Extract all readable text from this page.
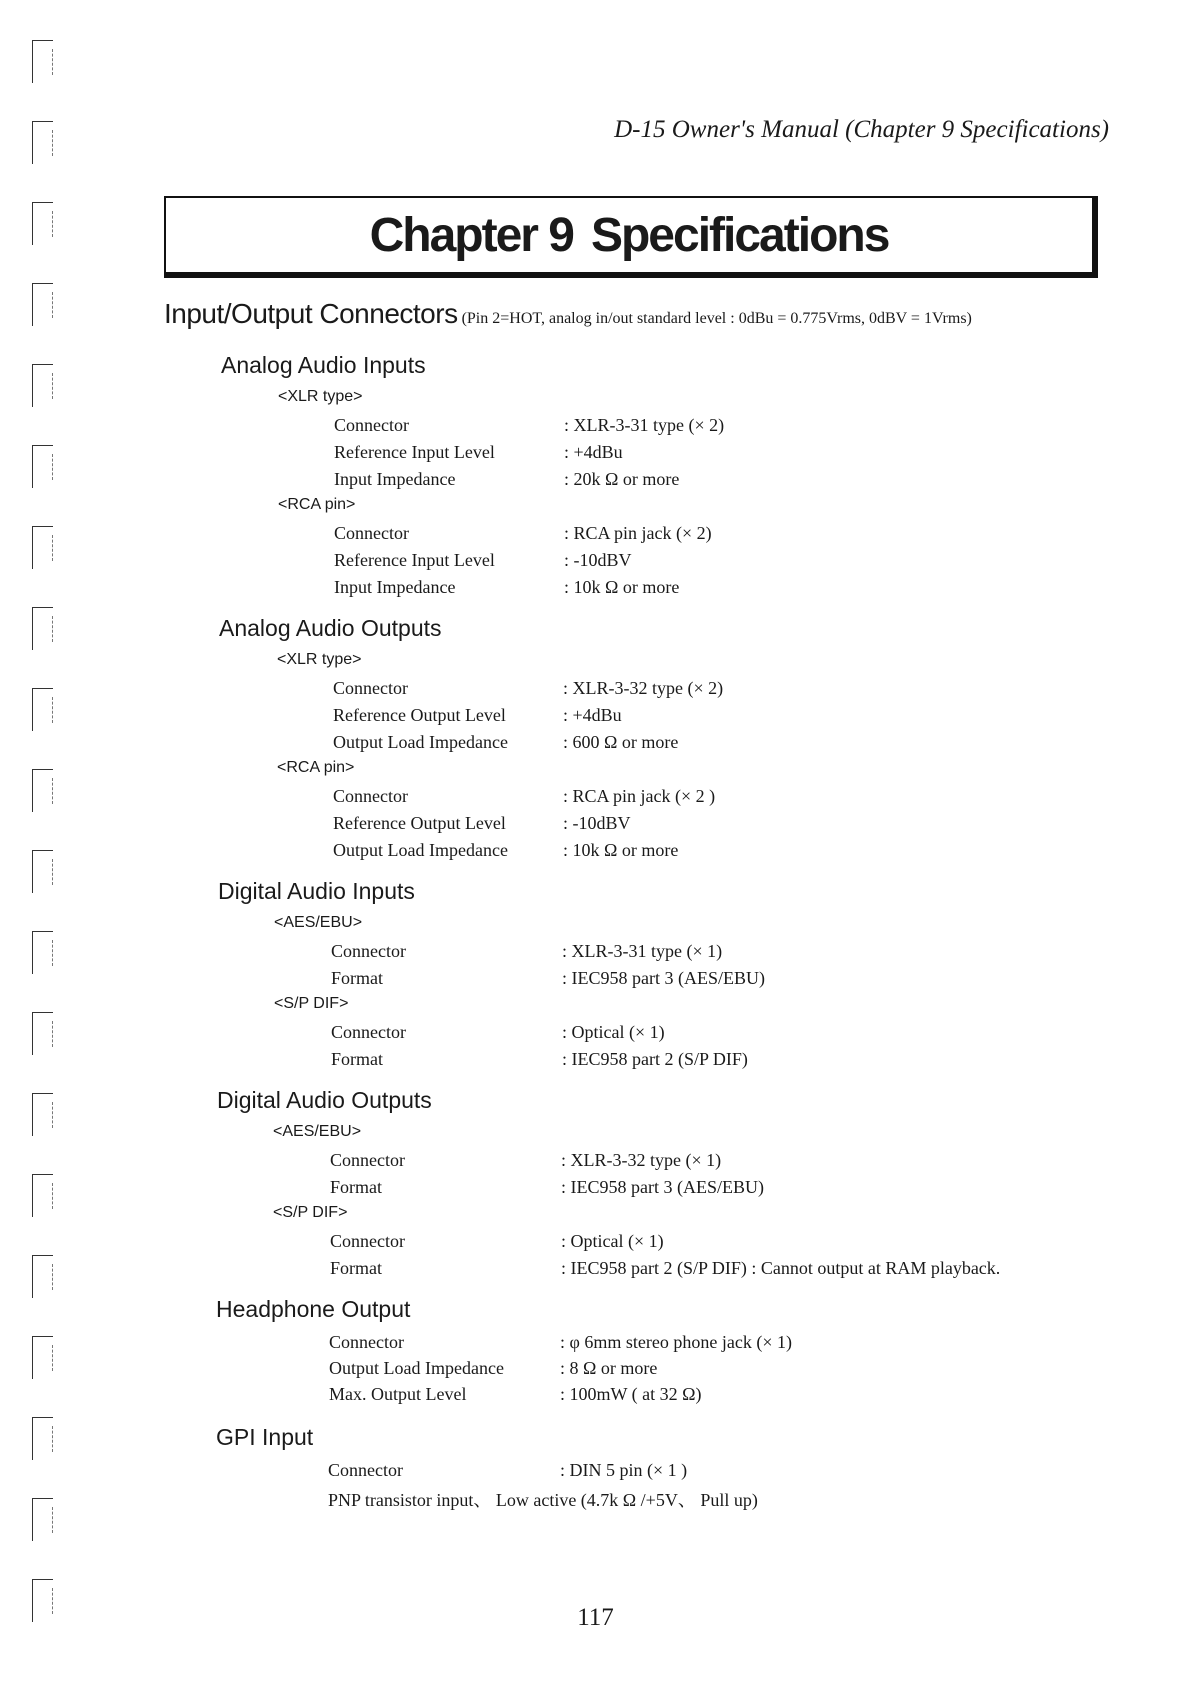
D-15 Owner's Manual (Chapter 9 Specifications)
Chapter 9 Specifications
Input/Output Connectors (Pin 2=HOT, analog in/out standard level : 0dBu = 0.775Vrms, 0dBV = 1Vrms)
Analog Audio Inputs
<XLR type>
Connector	: XLR-3-31 type (× 2)
Reference Input Level	: +4dBu
Input Impedance	: 20k Ω or more
<RCA pin>
Connector	: RCA pin jack (× 2)
Reference Input Level	: -10dBV
Input Impedance	: 10k Ω or more
Analog Audio Outputs
<XLR type>
Connector	: XLR-3-32 type (× 2)
Reference Output Level	: +4dBu
Output Load Impedance	: 600 Ω or more
<RCA pin>
Connector	: RCA pin jack (× 2 )
Reference Output Level	: -10dBV
Output Load Impedance	: 10k Ω or more
Digital Audio Inputs
<AES/EBU>
Connector	: XLR-3-31 type (× 1)
Format	: IEC958 part 3 (AES/EBU)
<S/P DIF>
Connector	: Optical (× 1)
Format	: IEC958 part 2 (S/P DIF)
Digital Audio Outputs
<AES/EBU>
Connector	: XLR-3-32 type (× 1)
Format	: IEC958 part 3 (AES/EBU)
<S/P DIF>
Connector	: Optical (× 1)
Format	: IEC958 part 2 (S/P DIF) : Cannot output at RAM playback.
Headphone Output
Connector	: φ 6mm stereo phone jack (× 1)
Output Load Impedance	: 8 Ω or more
Max. Output Level	: 100mW ( at 32 Ω)
GPI Input
Connector	: DIN 5 pin (× 1 )
PNP transistor input、 Low active (4.7k Ω /+5V、 Pull up)
117
